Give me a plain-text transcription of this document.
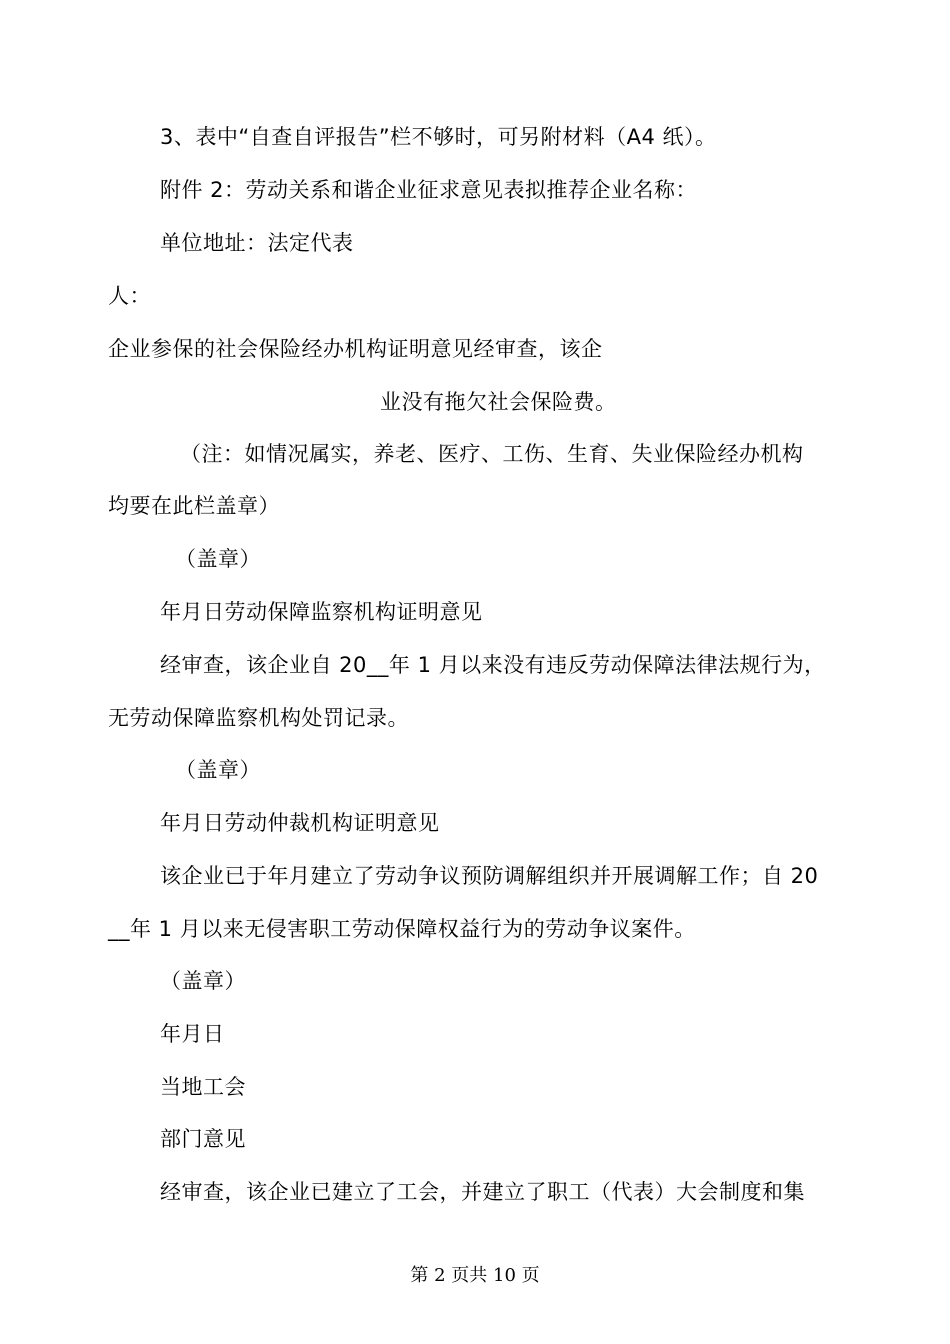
3、表中“自查自评报告”栏不够时，可另附材料（A4 纸）。
附件 2：劳动关系和谐企业征求意见表拟推荐企业名称：
单位地址：法定代表
人：
企业参保的社会保险经办机构证明意见经审查，该企
业没有拖欠社会保险费。
（注：如情况属实，养老、医疗、工伤、生育、失业保险经办机构
均要在此栏盖章）
（盖章）
年月日劳动保障监察机构证明意见
经审查，该企业自 20__年 1 月以来没有违反劳动保障法律法规行为，
无劳动保障监察机构处罚记录。
（盖章）
年月日劳动仲裁机构证明意见
该企业已于年月建立了劳动争议预防调解组织并开展调解工作；自 20
__年 1 月以来无侵害职工劳动保障权益行为的劳动争议案件。
（盖章）
年月日
当地工会
部门意见
经审查，该企业已建立了工会，并建立了职工（代表）大会制度和集
第 2 页共 10 页
